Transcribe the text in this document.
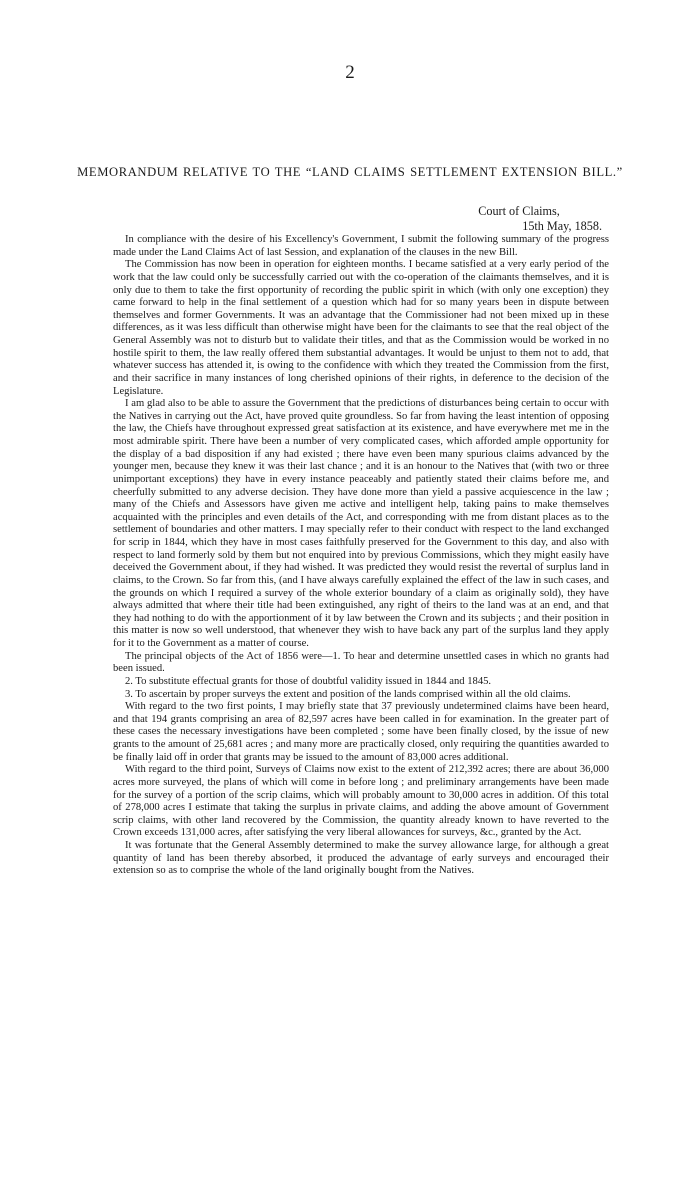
2
MEMORANDUM RELATIVE TO THE “LAND CLAIMS SETTLEMENT EXTENSION BILL.”
Court of Claims,
15th May, 1858.

In compliance with the desire of his Excellency's Government, I submit the following summary of the progress made under the Land Claims Act of last Session, and explanation of the clauses in the new Bill.

The Commission has now been in operation for eighteen months. I became satisfied at a very early period of the work that the law could only be successfully carried out with the co-operation of the claimants themselves, and it is only due to them to take the first opportunity of recording the public spirit in which (with only one exception) they came forward to help in the final settlement of a question which had for so many years been in dispute between themselves and former Governments. It was an advantage that the Commissioner had not been mixed up in these differences, as it was less difficult than otherwise might have been for the claimants to see that the real object of the General Assembly was not to disturb but to validate their titles, and that as the Commission would be worked in no hostile spirit to them, the law really offered them substantial advantages. It would be unjust to them not to add, that whatever success has attended it, is owing to the confidence with which they treated the Commission from the first, and their sacrifice in many instances of long cherished opinions of their rights, in deference to the decision of the Legislature.

I am glad also to be able to assure the Government that the predictions of disturbances being certain to occur with the Natives in carrying out the Act, have proved quite groundless. So far from having the least intention of opposing the law, the Chiefs have throughout expressed great satisfaction at its existence, and have everywhere met me in the most admirable spirit. There have been a number of very complicated cases, which afforded ample opportunity for the display of a bad disposition if any had existed ; there have even been many spurious claims advanced by the younger men, because they knew it was their last chance ; and it is an honour to the Natives that (with two or three unimportant exceptions) they have in every instance peaceably and patiently stated their claims before me, and cheerfully submitted to any adverse decision. They have done more than yield a passive acquiescence in the law ; many of the Chiefs and Assessors have given me active and intelligent help, taking pains to make themselves acquainted with the principles and even details of the Act, and corresponding with me from distant places as to the settlement of boundaries and other matters. I may specially refer to their conduct with respect to the land exchanged for scrip in 1844, which they have in most cases faithfully preserved for the Government to this day, and also with respect to land formerly sold by them but not enquired into by previous Commissions, which they might easily have deceived the Government about, if they had wished. It was predicted they would resist the revertal of surplus land in claims, to the Crown. So far from this, (and I have always carefully explained the effect of the law in such cases, and the grounds on which I required a survey of the whole exterior boundary of a claim as originally sold), they have always admitted that where their title had been extinguished, any right of theirs to the land was at an end, and that they had nothing to do with the apportionment of it by law between the Crown and its subjects ; and their position in this matter is now so well understood, that whenever they wish to have back any part of the surplus land they apply for it to the Government as a matter of course.

The principal objects of the Act of 1856 were—1. To hear and determine unsettled cases in which no grants had been issued.

2. To substitute effectual grants for those of doubtful validity issued in 1844 and 1845.

3. To ascertain by proper surveys the extent and position of the lands comprised within all the old claims.

With regard to the two first points, I may briefly state that 37 previously undetermined claims have been heard, and that 194 grants comprising an area of 82,597 acres have been called in for examination. In the greater part of these cases the necessary investigations have been completed ; some have been finally closed, by the issue of new grants to the amount of 25,681 acres ; and many more are practically closed, only requiring the quantities awarded to be finally laid off in order that grants may be issued to the amount of 83,000 acres additional.

With regard to the third point, Surveys of Claims now exist to the extent of 212,392 acres; there are about 36,000 acres more surveyed, the plans of which will come in before long ; and preliminary arrangements have been made for the survey of a portion of the scrip claims, which will probably amount to 30,000 acres in addition. Of this total of 278,000 acres I estimate that taking the surplus in private claims, and adding the above amount of Government scrip claims, with other land recovered by the Commission, the quantity already known to have reverted to the Crown exceeds 131,000 acres, after satisfying the very liberal allowances for surveys, &c., granted by the Act.

It was fortunate that the General Assembly determined to make the survey allowance large, for although a great quantity of land has been thereby absorbed, it produced the advantage of early surveys and encouraged their extension so as to comprise the whole of the land originally bought from the Natives.
